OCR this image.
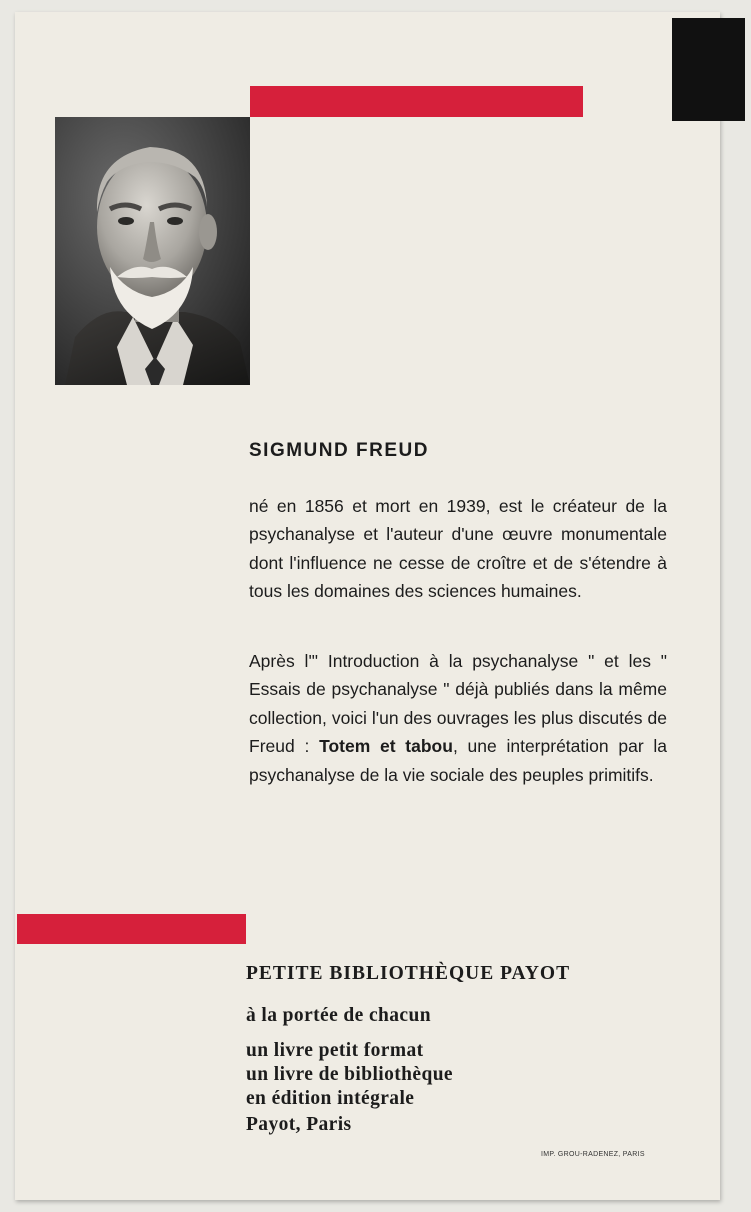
SIGMUND FREUD

né en 1856 et mort en 1939, est le créateur de la psychanalyse et l'auteur d'une œuvre monumentale dont l'influence ne cesse de croître et de s'étendre à tous les domaines des sciences humaines.

Après l'" Introduction à la psychanalyse " et les " Essais de psychanalyse " déjà publiés dans la même collection, voici l'un des ouvrages les plus discutés de Freud : Totem et tabou, une interprétation par la psychanalyse de la vie sociale des peuples primitifs.

PETITE BIBLIOTHÈQUE PAYOT
à la portée de chacun
un livre petit format
un livre de bibliothèque
en édition intégrale
Payot, Paris
IMP. GROU-RADENEZ, PARIS
